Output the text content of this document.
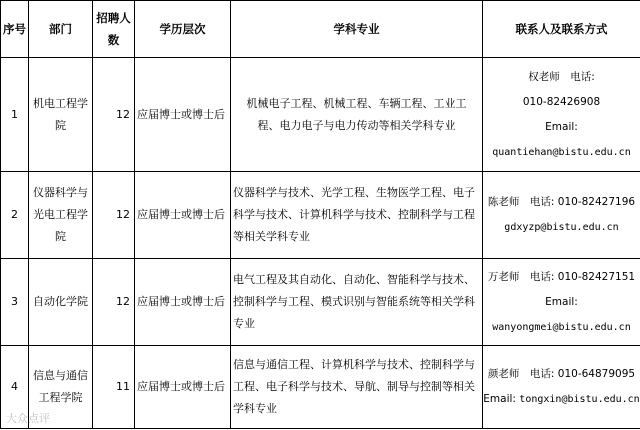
序号	部门	招聘人数	学历层次	学科专业	联系人及联系方式
1	机电工程学院	12	应届博士或博士后	机械电子工程、机械工程、车辆工程、工业工程、电力电子与电力传动等相关学科专业	权老师　电话:
010-82426908
Email:
quantiehan@bistu.edu.cn

2	仪器科学与光电工程学院	12	应届博士或博士后	仪器科学与技术、光学工程、生物医学工程、电子科学与技术、计算机科学与技术、控制科学与工程等相关学科专业	陈老师　电话: 010-82427196
gdxyzp@bistu.edu.cn

3	自动化学院	12	应届博士或博士后	电气工程及其自动化、自动化、智能科学与技术、控制科学与工程、模式识别与智能系统等相关学科专业	万老师　电话: 010-82427151
Email:
wanyongmei@bistu.edu.cn

4	信息与通信工程学院	11	应届博士或博士后	信息与通信工程、计算机科学与技术、控制科学与工程、电子科学与技术、导航、制导与控制等相关学科专业	颜老师　电话: 010-64879095
Email: tongxin@bistu.edu.cn
大众点评
